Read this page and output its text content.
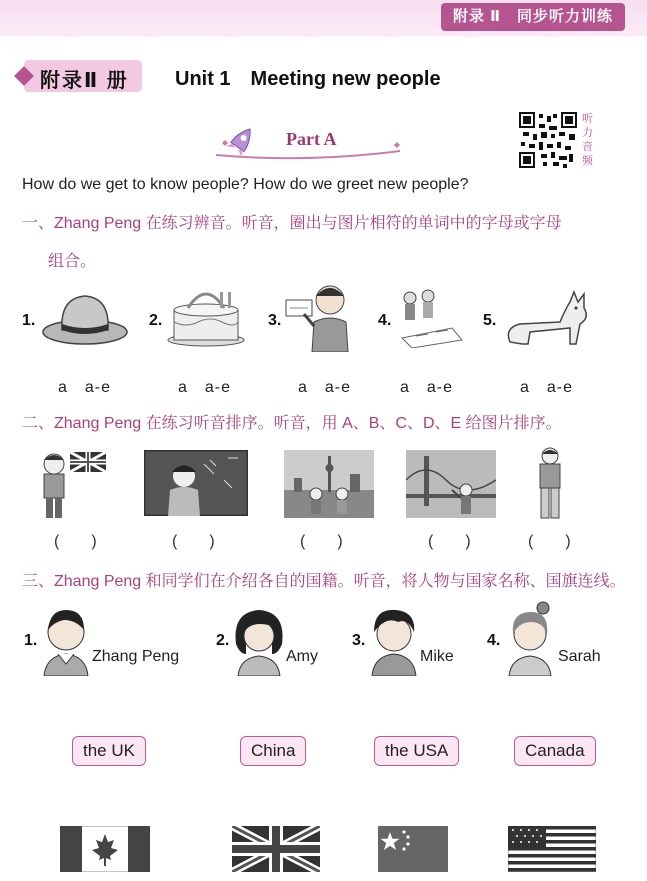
附录 Ⅱ　同步听力训练
附录Ⅱ 册 Unit 1　Meeting new people
Part A
听力音频
How do we get to know people? How do we greet new people?
一、Zhang Peng 在练习辨音。听音，圈出与图片相符的单词中的字母或字母
组合。
1.	2.	3.	4.	5.
a　a-e	a　a-e	a　a-e	a　a-e	a　a-e
二、Zhang Peng 在练习听音排序。听音，用 A、B、C、D、E 给图片排序。
(　　)	(　　)	(　　)	(　　)	(　　)
三、Zhang Peng 和同学们在介绍各自的国籍。听音，将人物与国家名称、国旗连线。
1.
Zhang Peng
2.
Amy
3.
Mike
4.
Sarah
the UK	China	the USA	Canada
